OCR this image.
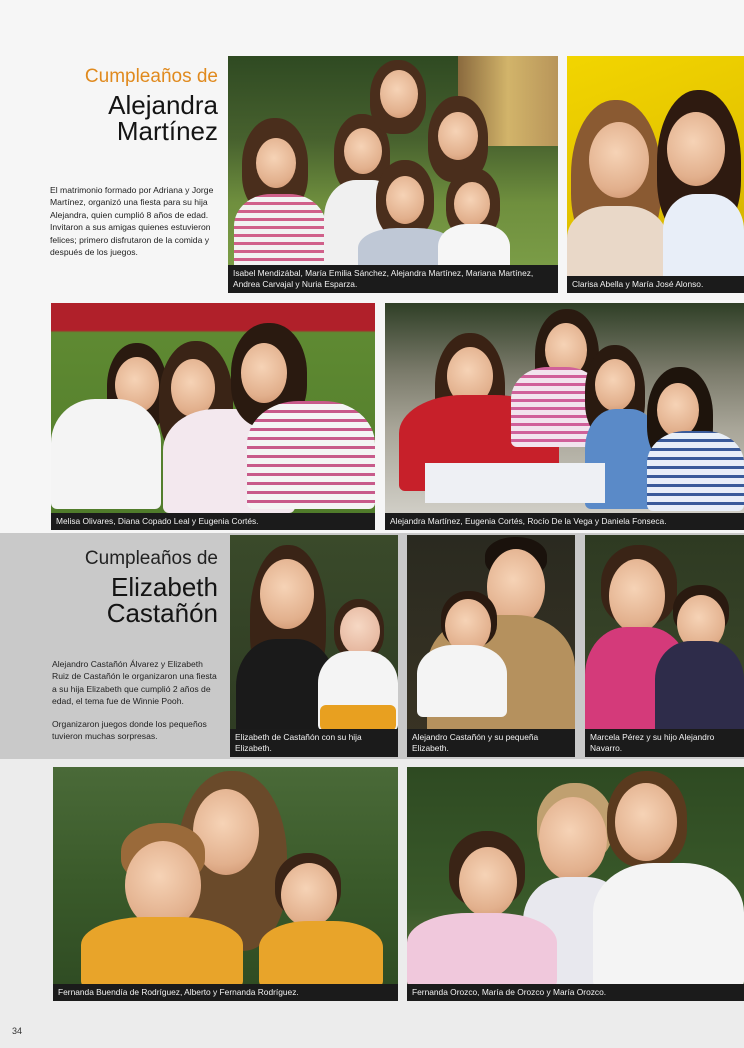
Cumpleaños de
Alejandra
Martínez

El matrimonio formado por Adriana y Jorge Martínez, organizó una fiesta para su hija Alejandra, quien cumplió 8 años de edad. Invitaron a sus amigas quienes estuvieron felices; primero disfrutaron de la comida y después de los juegos.

Isabel Mendizábal, María Emilia Sánchez, Alejandra Martínez, Mariana Martínez, Andrea Carvajal y Nuria Esparza.	Clarisa Abella y María José Alonso.
Melisa Olivares, Diana Copado Leal y Eugenia Cortés.	Alejandra Martínez, Eugenia Cortés, Rocío De la Vega y Daniela Fonseca.
Cumpleaños de
Elizabeth
Castañón

Alejandro Castañón Álvarez y Elizabeth Ruiz de Castañón le organizaron una fiesta a su hija Elizabeth que cumplió 2 años de edad, el tema fue de Winnie Pooh.

Organizaron juegos donde los pequeños tuvieron muchas sorpresas.	Elizabeth de Castañón con su hija Elizabeth.
Alejandro Castañón y su pequeña Elizabeth.
Marcela Pérez y su hijo Alejandro Navarro.
Fernanda Buendía de Rodríguez, Alberto y Fernanda Rodríguez.	Fernanda Orozco, María de Orozco y María Orozco.
34
